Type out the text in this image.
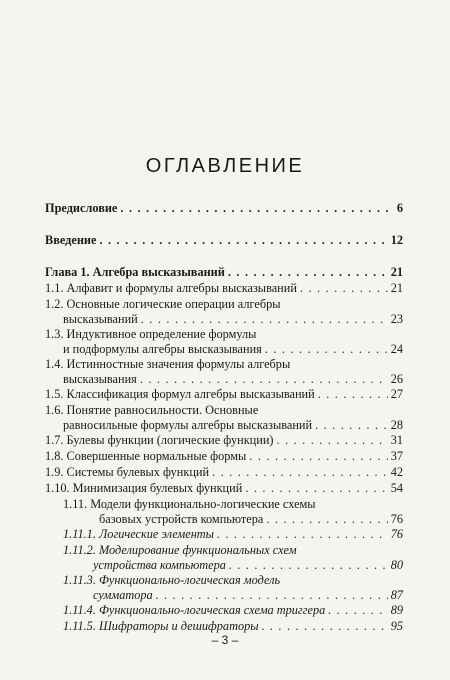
ОГЛАВЛЕНИЕ
Предисловие . . .	6
Введение . . .	12
Глава 1. Алгебра высказываний . . .	21
1.1. Алфавит и формулы алгебры высказываний . . .	21
1.2. Основные логические операции алгебры
высказываний . . .	23
1.3. Индуктивное определение формулы
и подформулы алгебры высказывания . . .	24
1.4. Истинностные значения формулы алгебры
высказывания . . .	26
1.5. Классификация формул алгебры высказываний . . .	27
1.6. Понятие равносильности. Основные
равносильные формулы алгебры высказываний . . .	28
1.7. Булевы функции (логические функции) . . .	31
1.8. Совершенные нормальные формы . . .	37
1.9. Системы булевых функций . . .	42
1.10. Минимизация булевых функций . . .	54
1.11. Модели функционально-логические схемы
базовых устройств компьютера . . .	76
1.11.1. Логические элементы . . .	76
1.11.2. Моделирование функциональных схем
устройства компьютера . . .	80
1.11.3. Функционально-логическая модель
сумматора . . .	87
1.11.4. Функционально-логическая схема триггера . . .	89
1.11.5. Шифраторы и дешифраторы . . .	95
– 3 –
